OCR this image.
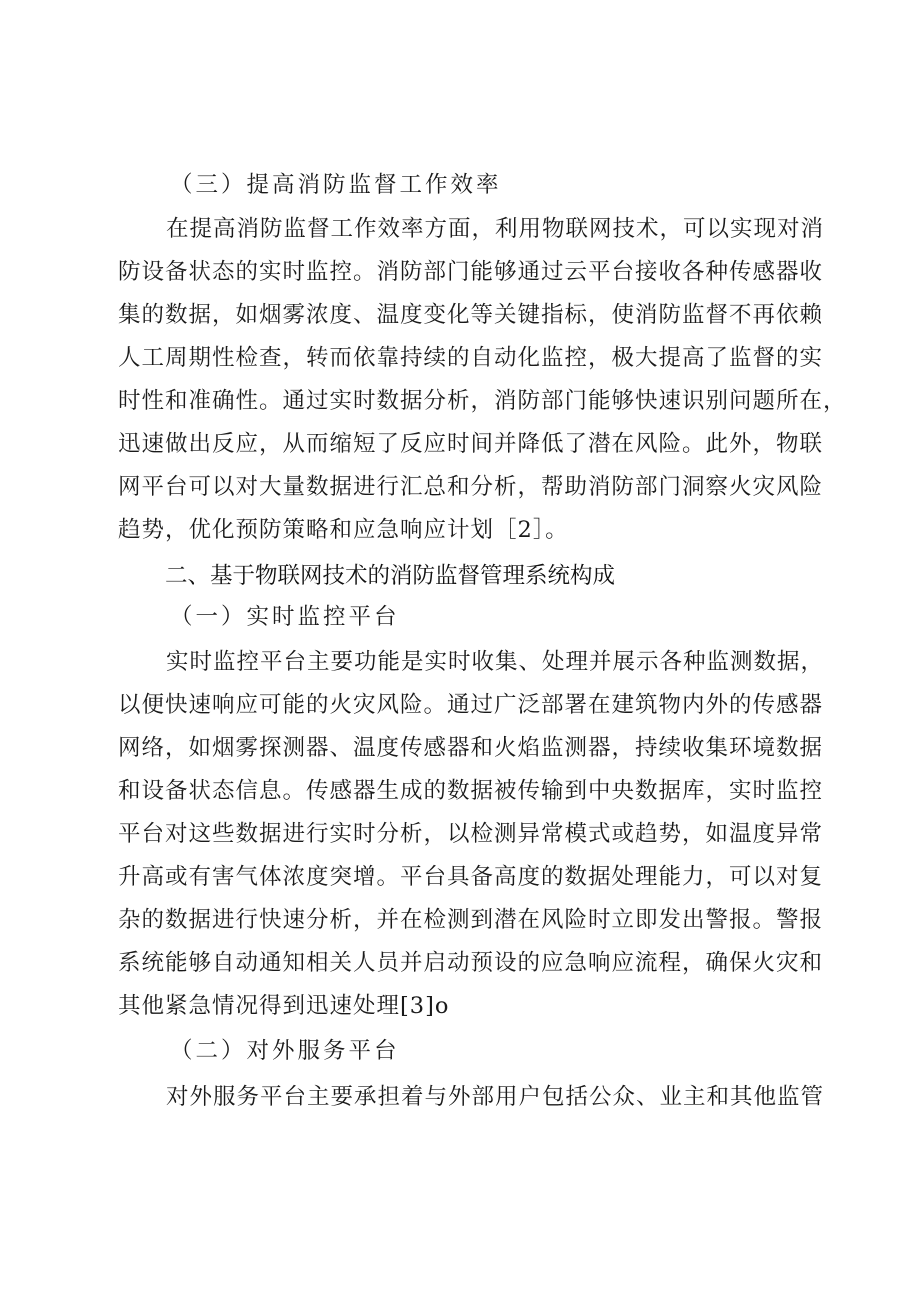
（三）提高消防监督工作效率
在提高消防监督工作效率方面，利用物联网技术，可以实现对消
防设备状态的实时监控。消防部门能够通过云平台接收各种传感器收
集的数据，如烟雾浓度、温度变化等关键指标，使消防监督不再依赖
人工周期性检查，转而依靠持续的自动化监控，极大提高了监督的实
时性和准确性。通过实时数据分析，消防部门能够快速识别问题所在，
迅速做出反应，从而缩短了反应时间并降低了潜在风险。此外，物联
网平台可以对大量数据进行汇总和分析，帮助消防部门洞察火灾风险
趋势，优化预防策略和应急响应计划［2］。
二、基于物联网技术的消防监督管理系统构成
（一）实时监控平台
实时监控平台主要功能是实时收集、处理并展示各种监测数据，
以便快速响应可能的火灾风险。通过广泛部署在建筑物内外的传感器
网络，如烟雾探测器、温度传感器和火焰监测器，持续收集环境数据
和设备状态信息。传感器生成的数据被传输到中央数据库，实时监控
平台对这些数据进行实时分析，以检测异常模式或趋势，如温度异常
升高或有害气体浓度突增。平台具备高度的数据处理能力，可以对复
杂的数据进行快速分析，并在检测到潜在风险时立即发出警报。警报
系统能够自动通知相关人员并启动预设的应急响应流程，确保火灾和
其他紧急情况得到迅速处理[3]o
（二）对外服务平台
对外服务平台主要承担着与外部用户包括公众、业主和其他监管
